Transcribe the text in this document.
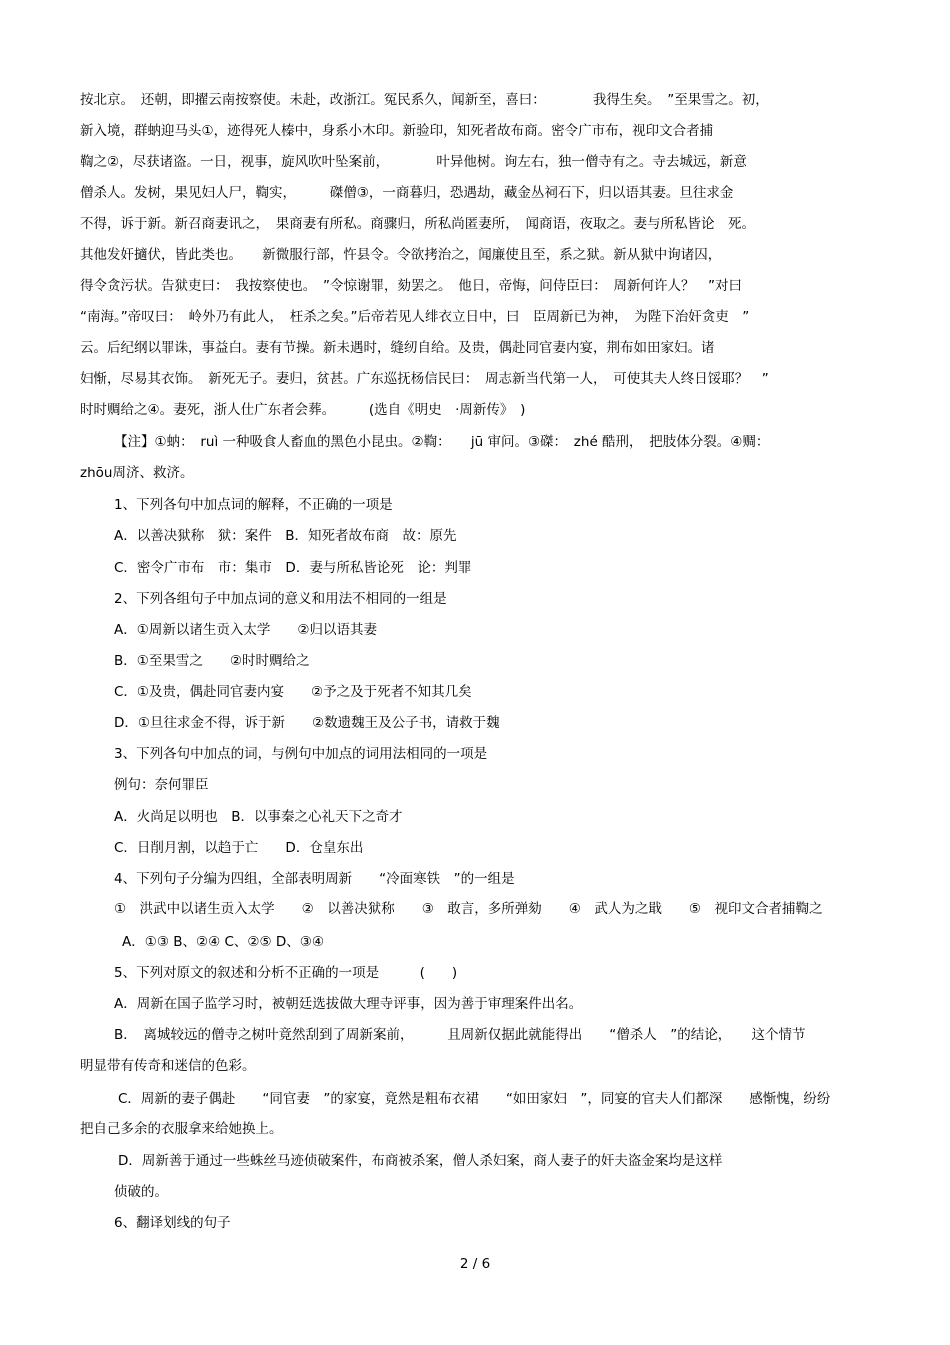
按北京。　还朝，即擢云南按察使。未赴，改浙江。冤民系久，闻新至，喜曰：　　　　我得生矣。　”至果雪之。初，
新入境，群蚋迎马头①，迹得死人榛中，身系小木印。新验印，知死者故布商。密令广市布，视印文合者捕
鞫之②，尽获诸盗。一日，视事，旋风吹叶坠案前，　　　　叶异他树。询左右，独一僧寺有之。寺去城远，新意
僧杀人。发树，果见妇人尸，鞫实，　　　磔僧③，一商暮归，恐遇劫，藏金丛祠石下，归以语其妻。旦往求金
不得，诉于新。新召商妻讯之，　果商妻有所私。商骤归，所私尚匿妻所，　闻商语，夜取之。妻与所私皆论　死。
其他发奸擿伏，皆此类也。　　新微服行部，忤县令。令欲拷治之，闻廉使且至，系之狱。新从狱中询诸囚，
得令贪污状。告狱吏曰：　我按察使也。　”令惊谢罪，劾罢之。　他日，帝悔，问侍臣曰：　周新何许人？　”对曰
“南海。”帝叹曰：　岭外乃有此人，　枉杀之矣。”后帝若见人绯衣立日中，曰　臣周新已为神，　为陛下治奸贪吏　”
云。后纪纲以罪诛，事益白。妻有节操。新未遇时，缝纫自给。及贵，偶赴同官妻内宴，荆布如田家妇。诸
妇惭，尽易其衣饰。　新死无子。妻归，贫甚。广东巡抚杨信民曰：　周志新当代第一人，　可使其夫人终日馁耶？　”
时时赒给之④。妻死，浙人仕广东者会葬。　　　(选自《明史　·周新传》　)
【注】①蚋：　ruì 一种吸食人畜血的黑色小昆虫。②鞫：　　jū 审问。③磔：　zhé 酷刑，　把肢体分裂。④赒：
zhōu周济、救济。
1、下列各句中加点词的解释，不正确的一项是
A．以善决狱称　狱：案件　B．知死者故布商　故：原先
C．密令广市布　市：集市　D．妻与所私皆论死　论：判罪
2、下列各组句子中加点词的意义和用法不相同的一组是
A．①周新以诸生贡入太学　　②归以语其妻
B．①至果雪之　　②时时赒给之
C．①及贵，偶赴同官妻内宴　　②予之及于死者不知其几矣
D．①旦往求金不得，诉于新　　②数遗魏王及公子书，请救于魏
3、下列各句中加点的词，与例句中加点的词用法相同的一项是
例句：奈何罪臣
A．火尚足以明也　B．以事秦之心礼天下之奇才
C．日削月割，以趋于亡　　D．仓皇东出
4、下列句子分编为四组，全部表明周新　　“冷面寒铁　”的一组是
①　洪武中以诸生贡入太学　　②　以善决狱称　　③　敢言，多所弹劾　　④　武人为之戢　　⑤　视印文合者捕鞫之
A．①③ B、②④ C、②⑤ D、③④
5、下列对原文的叙述和分析不正确的一项是　　　(　　)
A．周新在国子监学习时，被朝廷选拔做大理寺评事，因为善于审理案件出名。
B．　离城较远的僧寺之树叶竟然刮到了周新案前，　　　且周新仅据此就能得出　　“僧杀人　”的结论，　　这个情节
明显带有传奇和迷信的色彩。
C．周新的妻子偶赴　　“同官妻　”的家宴，竟然是粗布衣裙　　“如田家妇　”，同宴的官夫人们都深　　感惭愧，纷纷
把自己多余的衣服拿来给她换上。
D．周新善于通过一些蛛丝马迹侦破案件，布商被杀案，僧人杀妇案，商人妻子的奸夫盗金案均是这样
侦破的。
6、翻译划线的句子
2 / 6
